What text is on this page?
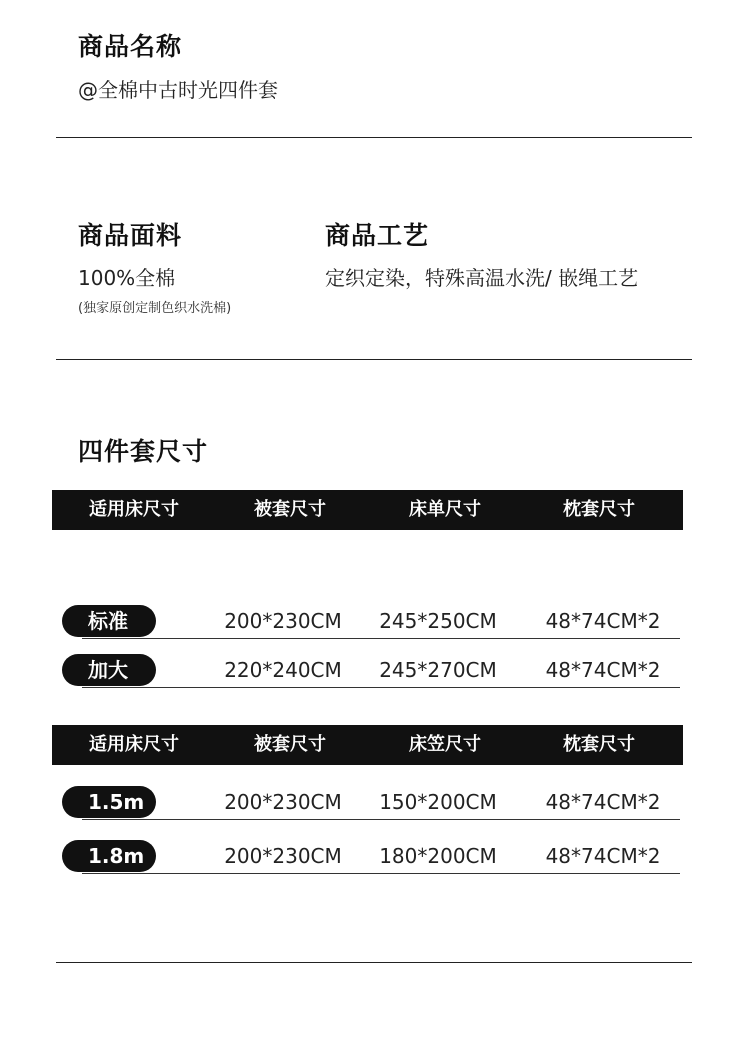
商品名称
@全棉中古时光四件套
商品面料
100%全棉
(独家原创定制色织水洗棉)
商品工艺
定织定染，特殊高温水洗/ 嵌绳工艺
四件套尺寸
适用床尺寸	被套尺寸	床单尺寸	枕套尺寸
标准	200*230CM	245*250CM	48*74CM*2
加大	220*240CM	245*270CM	48*74CM*2
适用床尺寸	被套尺寸	床笠尺寸	枕套尺寸
1.5m	200*230CM	150*200CM	48*74CM*2
1.8m	200*230CM	180*200CM	48*74CM*2
